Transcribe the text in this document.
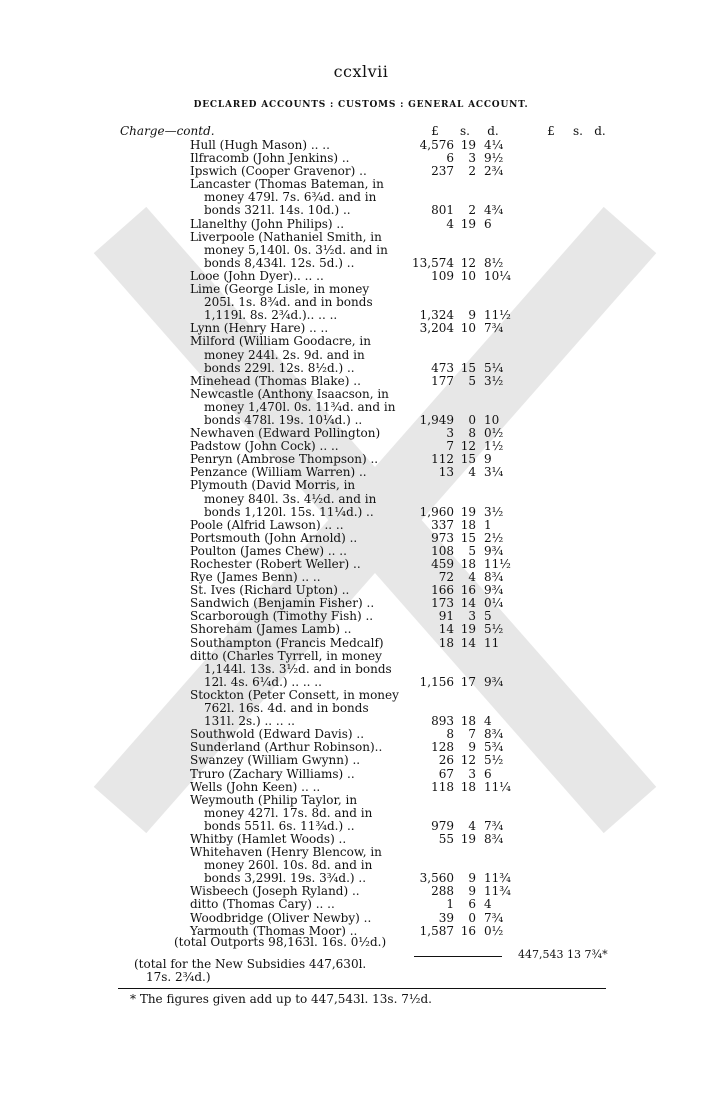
ccxlvii
DECLARED ACCOUNTS : CUSTOMS : GENERAL ACCOUNT.
Charge—contd.	£	s.	d.	£	s. d.
Hull (Hugh Mason) .. ..	4,576 19 4¼
Ilfracomb (John Jenkins) ..	6	3 9½
Ipswich (Cooper Gravenor) ..	237	2 2¾
Lancaster (Thomas Bateman, in
money 479l. 7s. 6¾d. and in
bonds 321l. 14s. 10d.) ..	801	2 4¾
Llanelthy (John Philips) ..	4 19 6
Liverpoole (Nathaniel Smith, in
money 5,140l. 0s. 3½d. and in
bonds 8,434l. 12s. 5d.) ..	13,574 12 8½
Looe (John Dyer).. .. ..	109 10 10¼
Lime (George Lisle, in money
205l. 1s. 8¾d. and in bonds
1,119l. 8s. 2¾d.).. .. ..	1,324	9 11½
Lynn (Henry Hare) .. ..	3,204 10 7¾
Milford (William Goodacre, in
money 244l. 2s. 9d. and in
bonds 229l. 12s. 8½d.) ..	473 15 5¼
Minehead (Thomas Blake) ..	177	5 3½
Newcastle (Anthony Isaacson, in
money 1,470l. 0s. 11¾d. and in
bonds 478l. 19s. 10¼d.) ..	1,949	0 10
Newhaven (Edward Pollington)	3	8 0½
Padstow (John Cock) .. ..	7 12 1½
Penryn (Ambrose Thompson) ..	112 15 9
Penzance (William Warren) ..	13	4 3¼
Plymouth (David Morris, in
money 840l. 3s. 4½d. and in
bonds 1,120l. 15s. 11¼d.) ..	1,960 19 3½
Poole (Alfrid Lawson) .. ..	337 18 1
Portsmouth (John Arnold) ..	973 15 2½
Poulton (James Chew) .. ..	108	5 9¾
Rochester (Robert Weller) ..	459 18 11½
Rye (James Benn) .. ..	72	4 8¾
St. Ives (Richard Upton) ..	166 16 9¾
Sandwich (Benjamin Fisher) ..	173 14 0¼
Scarborough (Timothy Fish) ..	91	3 5
Shoreham (James Lamb) ..	14 19 5½
Southampton (Francis Medcalf)	18 14 11
ditto (Charles Tyrrell, in money
1,144l. 13s. 3½d. and in bonds
12l. 4s. 6¼d.) .. .. ..	1,156 17 9¾
Stockton (Peter Consett, in money
762l. 16s. 4d. and in bonds
131l. 2s.) .. .. ..	893 18 4
Southwold (Edward Davis) ..	8	7 8¾
Sunderland (Arthur Robinson)..	128	9 5¾
Swanzey (William Gwynn) ..	26 12 5½
Truro (Zachary Williams) ..	67	3 6
Wells (John Keen) .. ..	118 18 11¼
Weymouth (Philip Taylor, in
money 427l. 17s. 8d. and in
bonds 551l. 6s. 11¾d.) ..	979	4 7¾
Whitby (Hamlet Woods) ..	55 19 8¾
Whitehaven (Henry Blencow, in
money 260l. 10s. 8d. and in
bonds 3,299l. 19s. 3¾d.) ..	3,560	9 11¾
Wisbeech (Joseph Ryland) ..	288	9 11¾
ditto (Thomas Cary) .. ..	1	6 4
Woodbridge (Oliver Newby) ..	39	0 7¾
Yarmouth (Thomas Moor) ..	1,587 16 0½
(total Outports 98,163l. 16s. 0½d.)
447,543 13 7¾*
(total for the New Subsidies 447,630l.
17s. 2¾d.)
* The figures given add up to 447,543l. 13s. 7½d.
